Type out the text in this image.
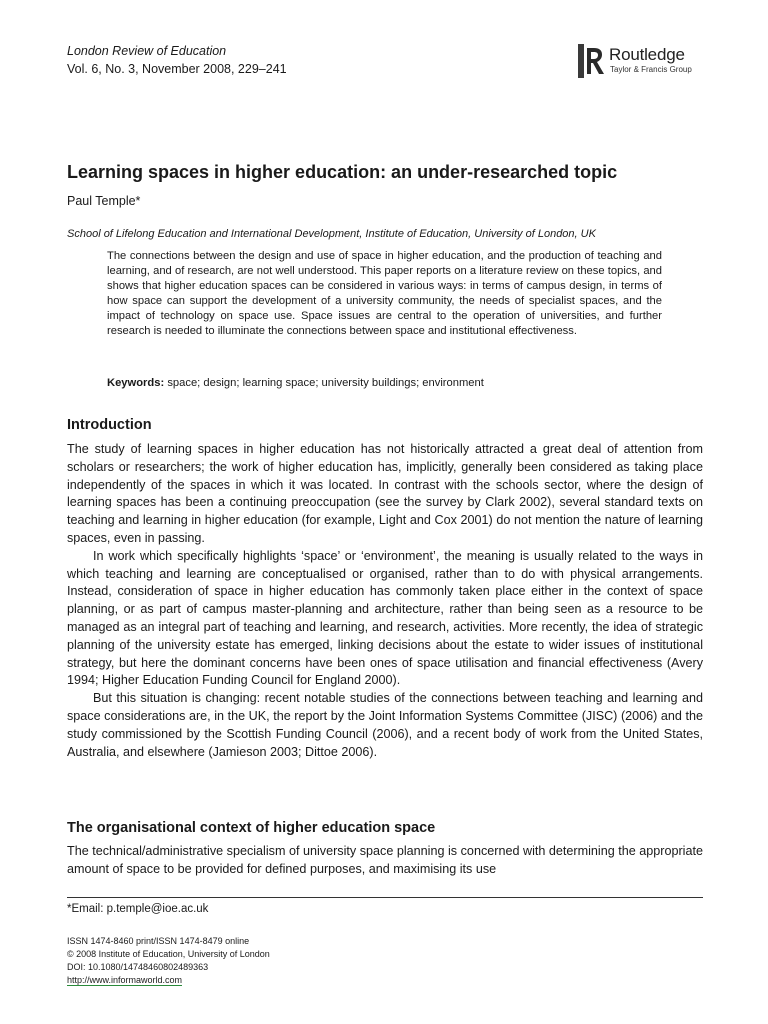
London Review of Education
Vol. 6, No. 3, November 2008, 229–241
Routledge
Taylor & Francis Group
Learning spaces in higher education: an under-researched topic
Paul Temple*
School of Lifelong Education and International Development, Institute of Education, University of London, UK

The connections between the design and use of space in higher education, and the production of teaching and learning, and of research, are not well understood. This paper reports on a literature review on these topics, and shows that higher education spaces can be considered in various ways: in terms of campus design, in terms of how space can support the development of a university community, the needs of specialist spaces, and the impact of technology on space use. Space issues are central to the operation of universities, and further research is needed to illuminate the connections between space and institutional effectiveness.

Keywords: space; design; learning space; university buildings; environment
Introduction

The study of learning spaces in higher education has not historically attracted a great deal of attention from scholars or researchers; the work of higher education has, implicitly, generally been considered as taking place independently of the spaces in which it was located. In contrast with the schools sector, where the design of learning spaces has been a continuing preoccupation (see the survey by Clark 2002), several standard texts on teaching and learning in higher education (for example, Light and Cox 2001) do not mention the nature of learning spaces, even in passing.

In work which specifically highlights ‘space’ or ‘environment’, the meaning is usually related to the ways in which teaching and learning are conceptualised or organised, rather than to do with physical arrangements. Instead, consideration of space in higher education has commonly taken place either in the context of space planning, or as part of campus master-planning and architecture, rather than being seen as a resource to be managed as an integral part of teaching and learning, and research, activities. More recently, the idea of strategic planning of the university estate has emerged, linking decisions about the estate to wider issues of institutional strategy, but here the dominant concerns have been ones of space utilisation and financial effectiveness (Avery 1994; Higher Education Funding Council for England 2000).

But this situation is changing: recent notable studies of the connections between teaching and learning and space considerations are, in the UK, the report by the Joint Information Systems Committee (JISC) (2006) and the study commissioned by the Scottish Funding Council (2006), and a recent body of work from the United States, Australia, and elsewhere (Jamieson 2003; Dittoe 2006).

The organisational context of higher education space

The technical/administrative specialism of university space planning is concerned with determining the appropriate amount of space to be provided for defined purposes, and maximising its use

*Email: p.temple@ioe.ac.uk
ISSN 1474-8460 print/ISSN 1474-8479 online
© 2008 Institute of Education, University of London
DOI: 10.1080/14748460802489363
http://www.informaworld.com
